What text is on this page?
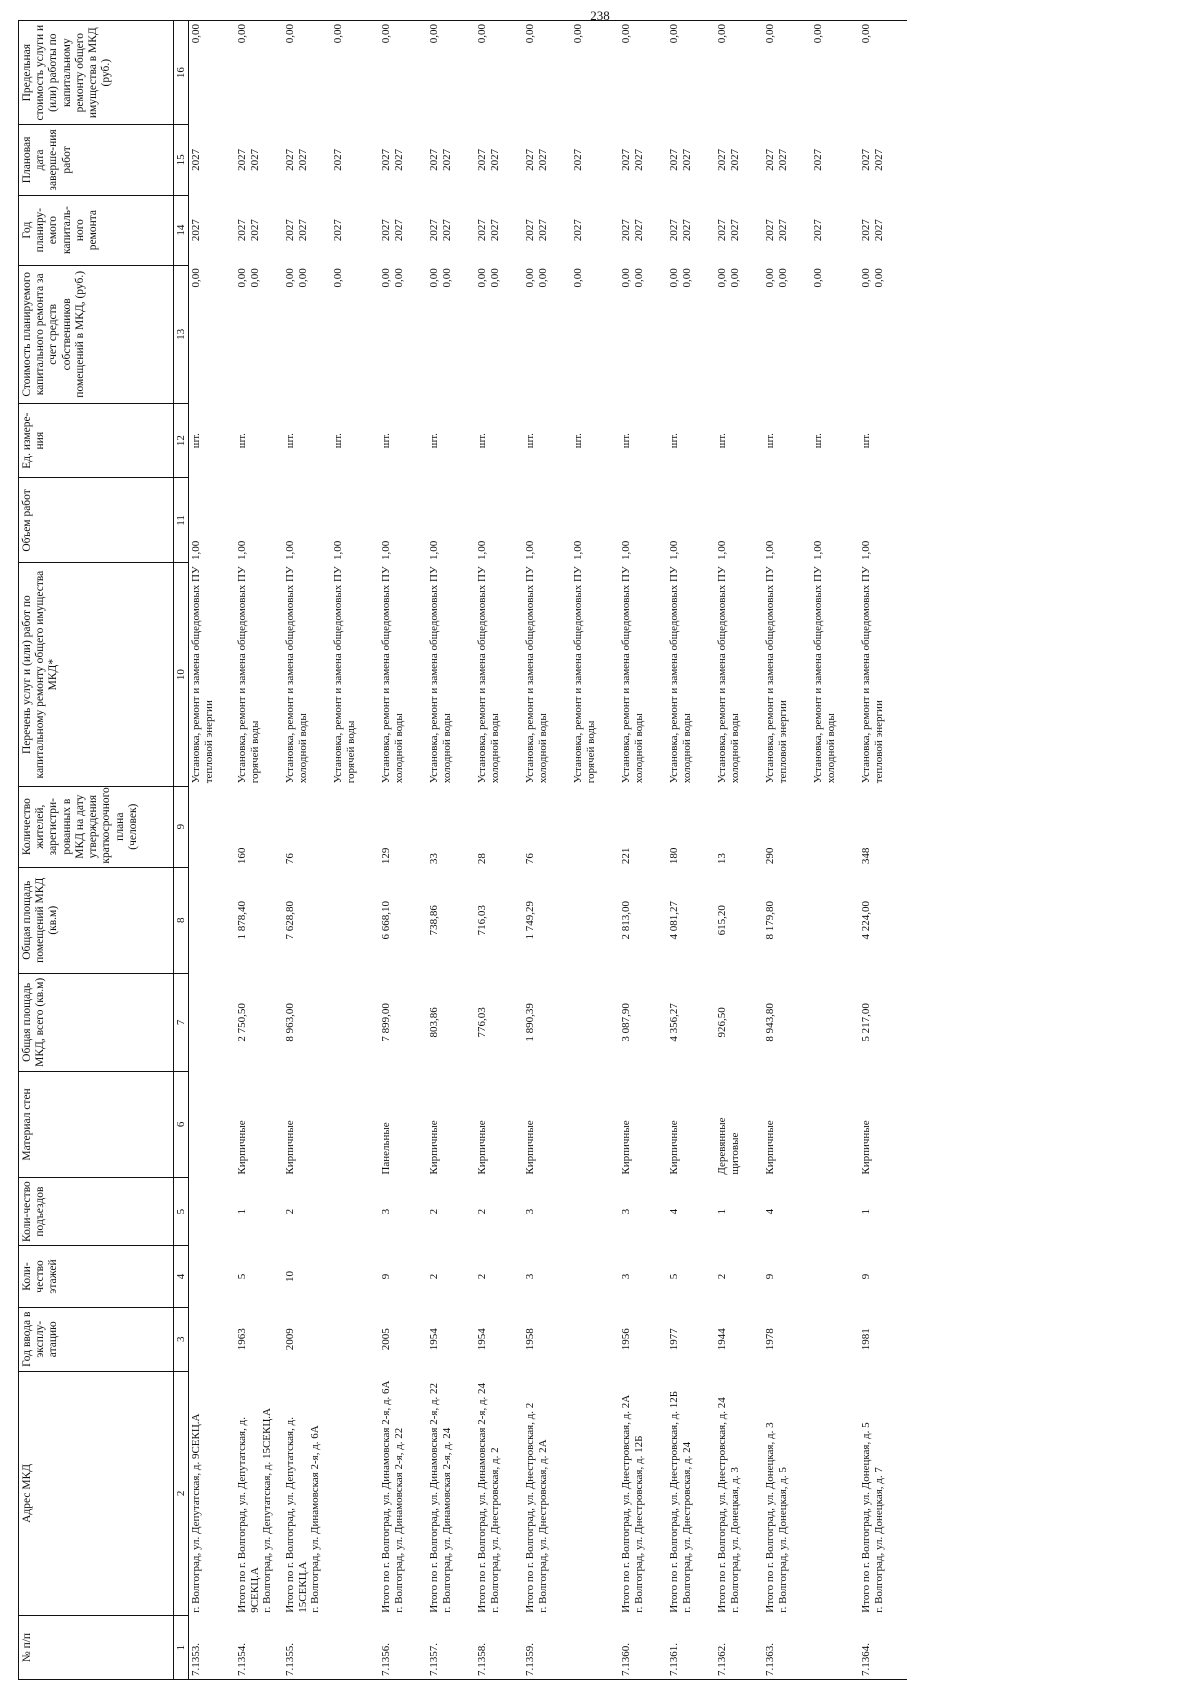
238
№ п/п	Адрес МКД	Год ввода в эксплу-атацию	Коли-чество этажей	Коли-чество подъездов	Материал стен	Общая площадь МКД, всего (кв.м)	Общая площадь помещений МКД (кв.м)	Количество жителей, зарегистри-рованных в МКД на дату утверждения краткосрочного плана (человек)	Перечень услуг и (или) работ по капитальному ремонту общего имущества МКД*	Объем работ	Ед. измере-ния	Стоимость планируемого капитального ремонта за счет средств собственников помещений в МКД, (руб.)	Год планиру-емого капиталь-ного ремонта	Плановая дата заверше-ния работ	Предельная стоимость услуги и (или) работы по капитальному ремонту общего имущества в МКД (руб.)
1	2	3	4	5	6	7	8	9	10	11	12	13	14	15	16
7.1353.	г. Волгоград, ул. Депутатская, д. 9СЕКЦ.А								Установка, ремонт и замена общедомовых ПУ тепловой энергии	1,00	шт.	0,00	2027	2027	0,00
7.1354.	Итого по г. Волгоград, ул. Депутатская, д. 9СЕКЦ.А г. Волгоград, ул. Депутатская, д. 15СЕКЦ.А	1963	5	1	Кирпичные	2 750,50	1 878,40	160	Установка, ремонт и замена общедомовых ПУ горячей воды	1,00	шт.	0,00 0,00	2027 2027	2027 2027	0,00
7.1355.	Итого по г. Волгоград, ул. Депутатская, д. 15СЕКЦ.А г. Волгоград, ул. Динамовская 2-я, д. 6А	2009	10	2	Кирпичные	8 963,00	7 628,80	76	Установка, ремонт и замена общедомовых ПУ холодной воды	1,00	шт.	0,00 0,00	2027 2027	2027 2027	0,00

								Установка, ремонт и замена общедомовых ПУ горячей воды	1,00	шт.	0,00	2027	2027	0,00
7.1356.	Итого по г. Волгоград, ул. Динамовская 2-я, д. 6А г. Волгоград, ул. Динамовская 2-я, д. 22	2005	9	3	Панельные	7 899,00	6 668,10	129	Установка, ремонт и замена общедомовых ПУ холодной воды	1,00	шт.	0,00 0,00	2027 2027	2027 2027	0,00
7.1357.	Итого по г. Волгоград, ул. Динамовская 2-я, д. 22 г. Волгоград, ул. Динамовская 2-я, д. 24	1954	2	2	Кирпичные	803,86	738,86	33	Установка, ремонт и замена общедомовых ПУ холодной воды	1,00	шт.	0,00 0,00	2027 2027	2027 2027	0,00
7.1358.	Итого по г. Волгоград, ул. Динамовская 2-я, д. 24 г. Волгоград, ул. Днестровская, д. 2	1954	2	2	Кирпичные	776,03	716,03	28	Установка, ремонт и замена общедомовых ПУ холодной воды	1,00	шт.	0,00 0,00	2027 2027	2027 2027	0,00
7.1359.	Итого по г. Волгоград, ул. Днестровская, д. 2 г. Волгоград, ул. Днестровская, д. 2А	1958	3	3	Кирпичные	1 890,39	1 749,29	76	Установка, ремонт и замена общедомовых ПУ холодной воды	1,00	шт.	0,00 0,00	2027 2027	2027 2027	0,00

								Установка, ремонт и замена общедомовых ПУ горячей воды	1,00	шт.	0,00	2027	2027	0,00
7.1360.	Итого по г. Волгоград, ул. Днестровская, д. 2А г. Волгоград, ул. Днестровская, д. 12Б	1956	3	3	Кирпичные	3 087,90	2 813,00	221	Установка, ремонт и замена общедомовых ПУ холодной воды	1,00	шт.	0,00 0,00	2027 2027	2027 2027	0,00
7.1361.	Итого по г. Волгоград, ул. Днестровская, д. 12Б г. Волгоград, ул. Днестровская, д. 24	1977	5	4	Кирпичные	4 356,27	4 081,27	180	Установка, ремонт и замена общедомовых ПУ холодной воды	1,00	шт.	0,00 0,00	2027 2027	2027 2027	0,00
7.1362.	Итого по г. Волгоград, ул. Днестровская, д. 24 г. Волгоград, ул. Донецкая, д. 3	1944	2	1	Деревянные щитовые	926,50	615,20	13	Установка, ремонт и замена общедомовых ПУ холодной воды	1,00	шт.	0,00 0,00	2027 2027	2027 2027	0,00
7.1363.	Итого по г. Волгоград, ул. Донецкая, д. 3 г. Волгоград, ул. Донецкая, д. 5	1978	9	4	Кирпичные	8 943,80	8 179,80	290	Установка, ремонт и замена общедомовых ПУ тепловой энергии	1,00	шт.	0,00 0,00	2027 2027	2027 2027	0,00

								Установка, ремонт и замена общедомовых ПУ холодной воды	1,00	шт.	0,00	2027	2027	0,00
7.1364.	Итого по г. Волгоград, ул. Донецкая, д. 5 г. Волгоград, ул. Донецкая, д. 7	1981	9	1	Кирпичные	5 217,00	4 224,00	348	Установка, ремонт и замена общедомовых ПУ тепловой энергии	1,00	шт.	0,00 0,00	2027 2027	2027 2027	0,00
